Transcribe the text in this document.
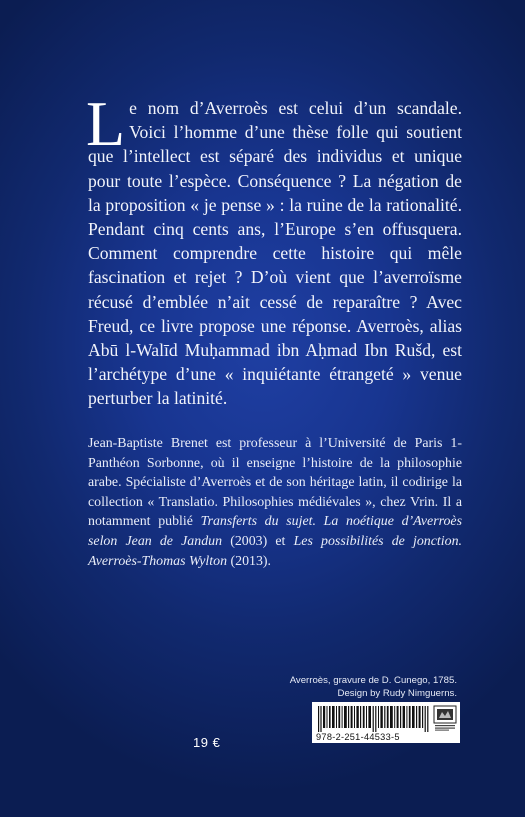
L e nom d’Averroès est celui d’un scandale. Voici l’homme d’une thèse folle qui soutient que l’intellect est séparé des individus et unique pour toute l’espèce. Conséquence ? La négation de la proposition « je pense » : la ruine de la rationalité. Pendant cinq cents ans, l’Europe s’en offusquera. Comment comprendre cette histoire qui mêle fascination et rejet ? D’où vient que l’averroïsme récusé d’emblée n’ait cessé de reparaître ? Avec Freud, ce livre propose une réponse. Averroès, alias Abū l-Walīd Muḥammad ibn Aḥmad Ibn Rušd, est l’archétype d’une « inquiétante étrangeté » venue perturber la latinité.
Jean-Baptiste Brenet est professeur à l’Université de Paris 1-Panthéon Sorbonne, où il enseigne l’histoire de la philosophie arabe. Spécialiste d’Averroès et de son héritage latin, il codirige la collection « Translatio. Philosophies médiévales », chez Vrin. Il a notamment publié Transferts du sujet. La noétique d’Averroès selon Jean de Jandun (2003) et Les possibilités de jonction. Averroès-Thomas Wylton (2013).
Averroès, gravure de D. Cunego, 1785.
Design by Rudy Nimguerns.
978-2-251-44533-5
19 €
